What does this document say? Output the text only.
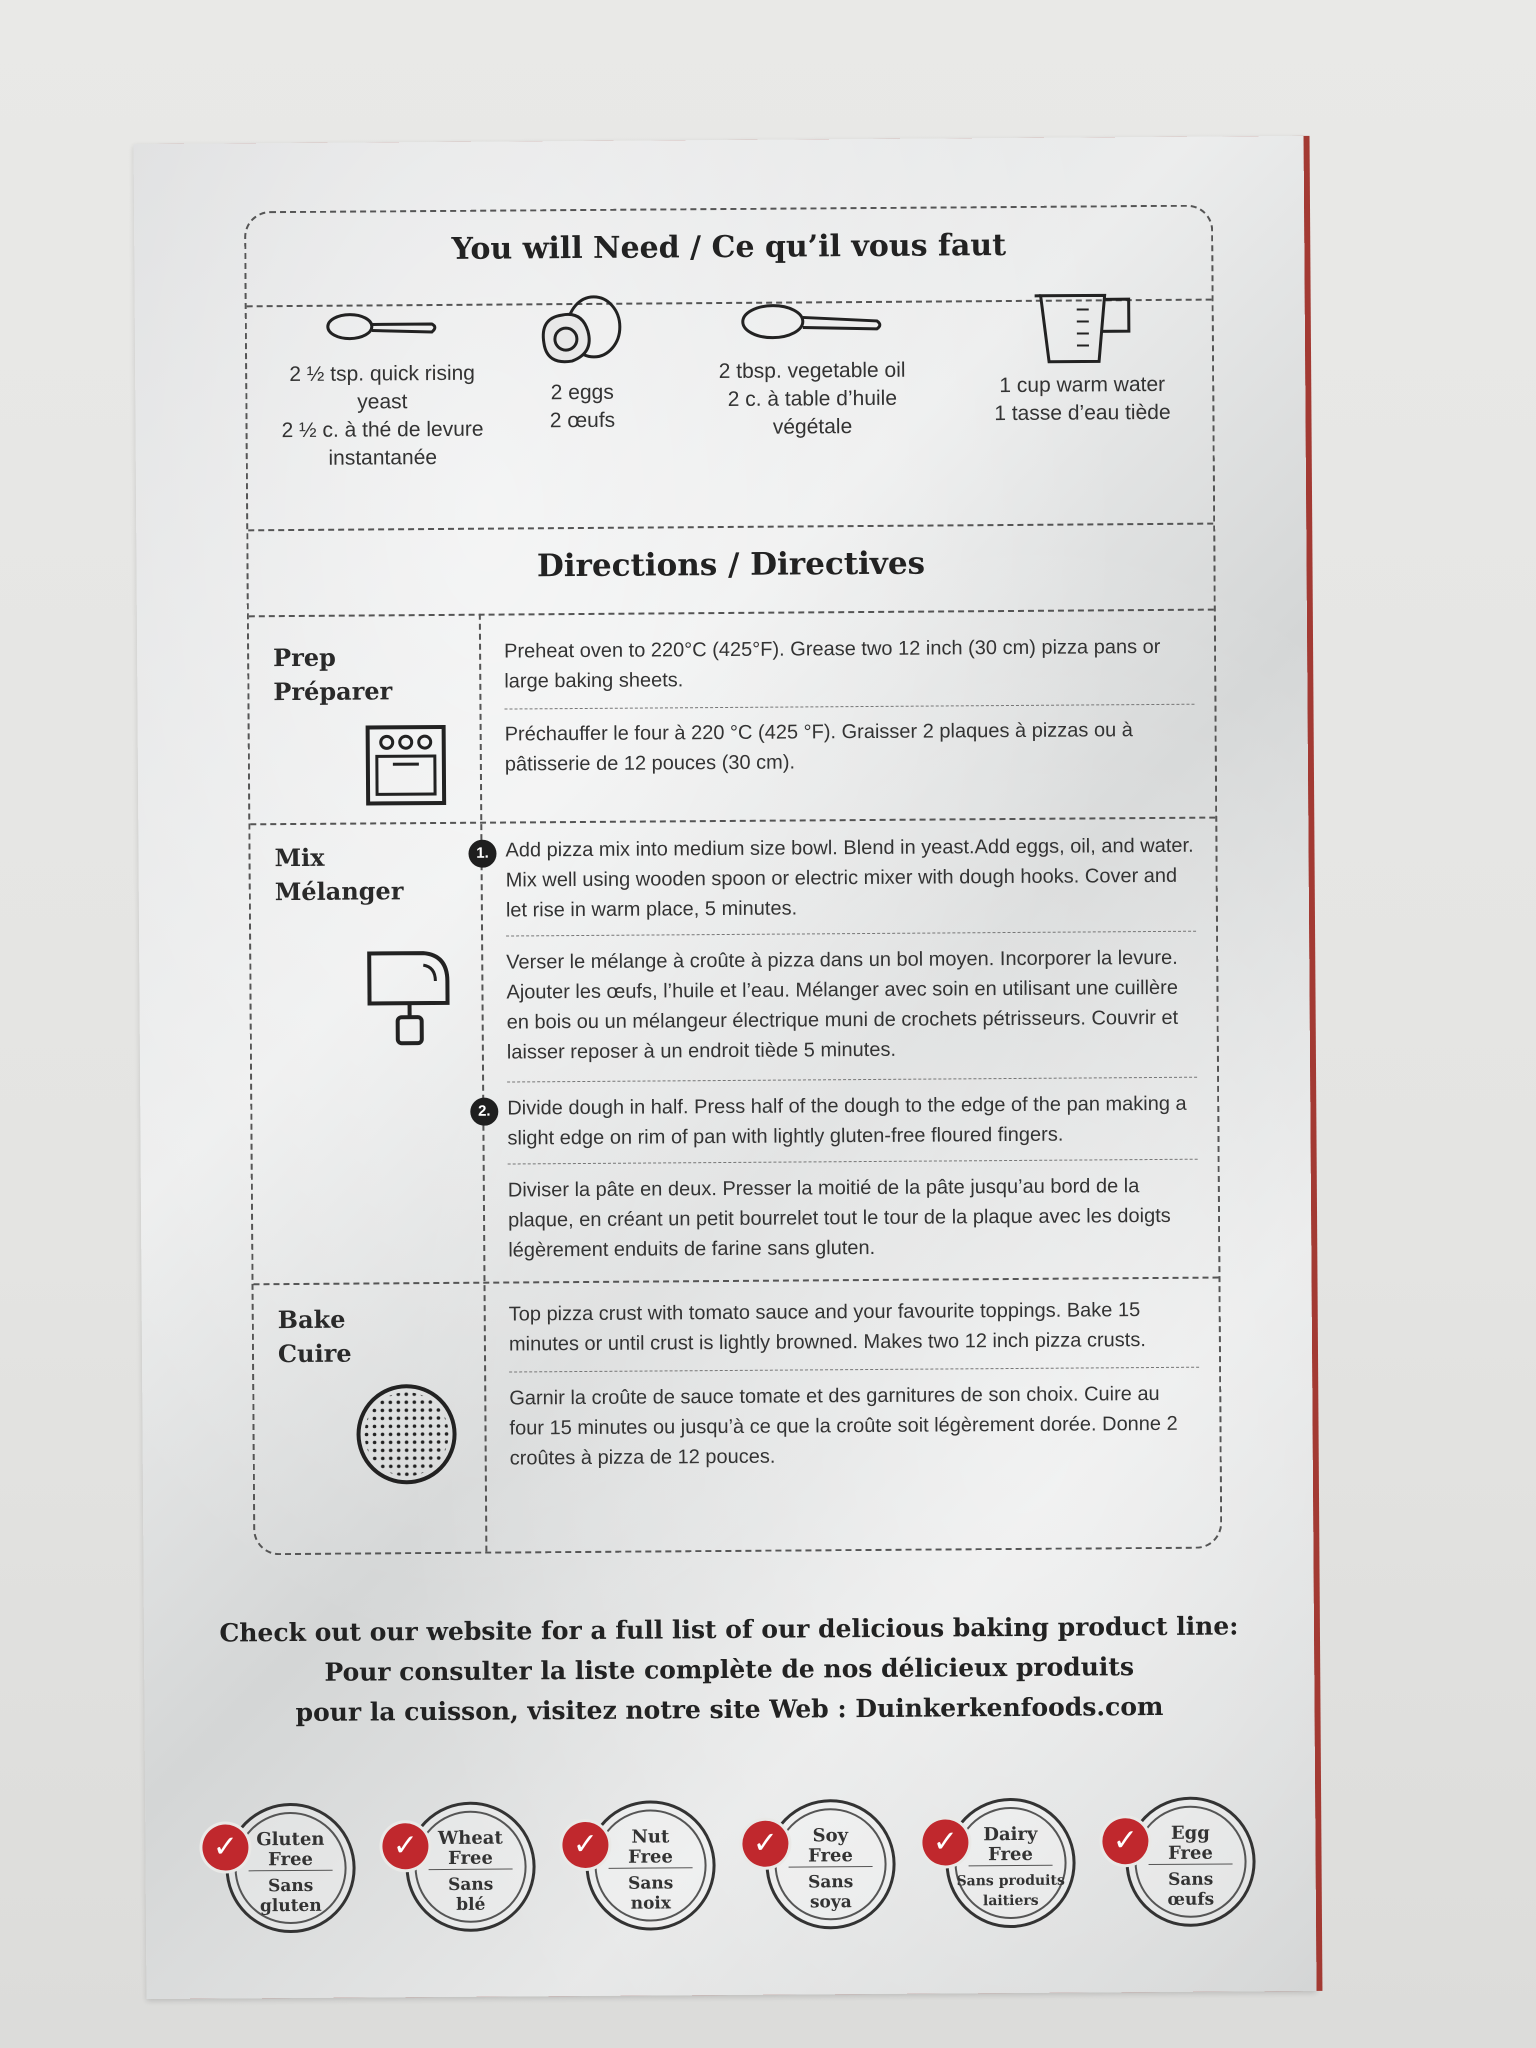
You will Need / Ce qu’il vous faut
2 ½ tsp. quick rising yeast
2 ½ c. à thé de levure
instantanée
2 eggs
2 œufs
2 tbsp. vegetable oil
2 c. à table d’huile
végétale
1 cup warm water
1 tasse d’eau tiède
Directions / Directives
Prep
Préparer
Preheat oven to 220°C (425°F). Grease two 12 inch (30 cm) pizza pans or large baking sheets.
Préchauffer le four à 220 °C (425 °F). Graisser 2 plaques à pizzas ou à pâtisserie de 12 pouces (30 cm).
Mix
Mélanger
1. Add pizza mix into medium size bowl. Blend in yeast.Add eggs, oil, and water. Mix well using wooden spoon or electric mixer with dough hooks. Cover and let rise in warm place, 5 minutes.
Verser le mélange à croûte à pizza dans un bol moyen. Incorporer la levure. Ajouter les œufs, l’huile et l’eau. Mélanger avec soin en utilisant une cuillère en bois ou un mélangeur électrique muni de crochets pétrisseurs. Couvrir et laisser reposer à un endroit tiède 5 minutes.
2. Divide dough in half. Press half of the dough to the edge of the pan making a slight edge on rim of pan with lightly gluten-free floured fingers.
Diviser la pâte en deux. Presser la moitié de la pâte jusqu’au bord de la plaque, en créant un petit bourrelet tout le tour de la plaque avec les doigts légèrement enduits de farine sans gluten.
Bake
Cuire
Top pizza crust with tomato sauce and your favourite toppings. Bake 15 minutes or until crust is lightly browned. Makes two 12 inch pizza crusts.
Garnir la croûte de sauce tomate et des garnitures de son choix. Cuire au four 15 minutes ou jusqu’à ce que la croûte soit légèrement dorée. Donne 2 croûtes à pizza de 12 pouces.
Check out our website for a full list of our delicious baking product line:
Pour consulter la liste complète de nos délicieux produits
pour la cuisson, visitez notre site Web : Duinkerkenfoods.com
✓	Gluten
Free
Sans
gluten
✓	Wheat
Free
Sans
blé
✓	Nut
Free
Sans
noix
✓	Soy
Free
Sans
soya
✓	Dairy
Free
Sans produits
laitiers
✓	Egg
Free
Sans
œufs
